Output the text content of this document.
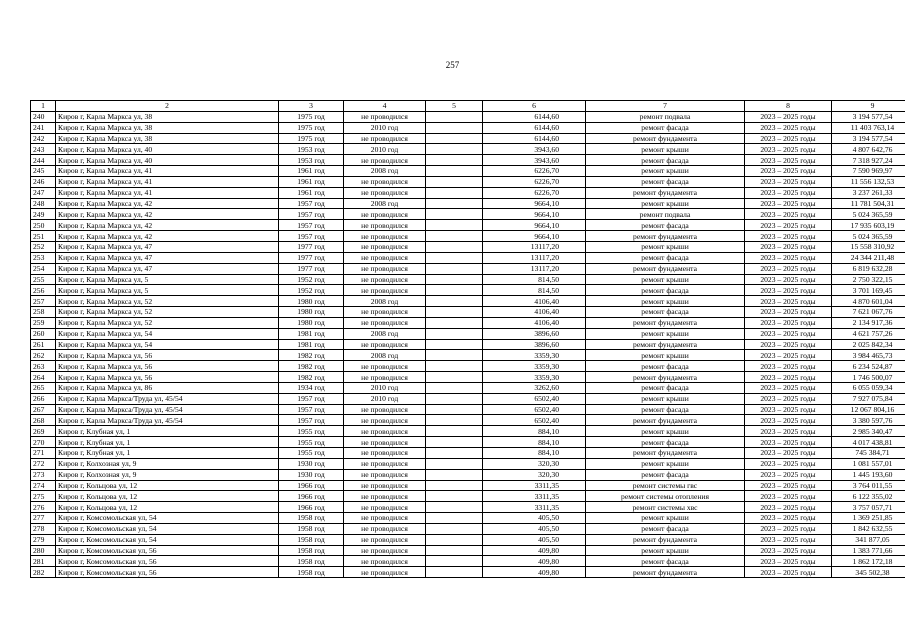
257
1	2	3	4	5	6	7	8	9
240	Киров г, Карла Маркса ул, 38	1975 год	не проводился		6144,60	ремонт подвала	2023 – 2025 годы	3 194 577,54
241	Киров г, Карла Маркса ул, 38	1975 год	2010 год		6144,60	ремонт фасада	2023 – 2025 годы	11 403 763,14
242	Киров г, Карла Маркса ул, 38	1975 год	не проводился		6144,60	ремонт фундамента	2023 – 2025 годы	3 194 577,54
243	Киров г, Карла Маркса ул, 40	1953 год	2010 год		3943,60	ремонт крыши	2023 – 2025 годы	4 807 642,76
244	Киров г, Карла Маркса ул, 40	1953 год	не проводился		3943,60	ремонт фасада	2023 – 2025 годы	7 318 927,24
245	Киров г, Карла Маркса ул, 41	1961 год	2008 год		6226,70	ремонт крыши	2023 – 2025 годы	7 590 969,97
246	Киров г, Карла Маркса ул, 41	1961 год	не проводился		6226,70	ремонт фасада	2023 – 2025 годы	11 556 132,53
247	Киров г, Карла Маркса ул, 41	1961 год	не проводился		6226,70	ремонт фундамента	2023 – 2025 годы	3 237 261,33
248	Киров г, Карла Маркса ул, 42	1957 год	2008 год		9664,10	ремонт крыши	2023 – 2025 годы	11 781 504,31
249	Киров г, Карла Маркса ул, 42	1957 год	не проводился		9664,10	ремонт подвала	2023 – 2025 годы	5 024 365,59
250	Киров г, Карла Маркса ул, 42	1957 год	не проводился		9664,10	ремонт фасада	2023 – 2025 годы	17 935 603,19
251	Киров г, Карла Маркса ул, 42	1957 год	не проводился		9664,10	ремонт фундамента	2023 – 2025 годы	5 024 365,59
252	Киров г, Карла Маркса ул, 47	1977 год	не проводился		13117,20	ремонт крыши	2023 – 2025 годы	15 558 310,92
253	Киров г, Карла Маркса ул, 47	1977 год	не проводился		13117,20	ремонт фасада	2023 – 2025 годы	24 344 211,48
254	Киров г, Карла Маркса ул, 47	1977 год	не проводился		13117,20	ремонт фундамента	2023 – 2025 годы	6 819 632,28
255	Киров г, Карла Маркса ул, 5	1952 год	не проводился		814,50	ремонт крыши	2023 – 2025 годы	2 750 322,15
256	Киров г, Карла Маркса ул, 5	1952 год	не проводился		814,50	ремонт фасада	2023 – 2025 годы	3 701 169,45
257	Киров г, Карла Маркса ул, 52	1980 год	2008 год		4106,40	ремонт крыши	2023 – 2025 годы	4 870 601,04
258	Киров г, Карла Маркса ул, 52	1980 год	не проводился		4106,40	ремонт фасада	2023 – 2025 годы	7 621 067,76
259	Киров г, Карла Маркса ул, 52	1980 год	не проводился		4106,40	ремонт фундамента	2023 – 2025 годы	2 134 917,36
260	Киров г, Карла Маркса ул, 54	1981 год	2008 год		3896,60	ремонт крыши	2023 – 2025 годы	4 621 757,26
261	Киров г, Карла Маркса ул, 54	1981 год	не проводился		3896,60	ремонт фундамента	2023 – 2025 годы	2 025 842,34
262	Киров г, Карла Маркса ул, 56	1982 год	2008 год		3359,30	ремонт крыши	2023 – 2025 годы	3 984 465,73
263	Киров г, Карла Маркса ул, 56	1982 год	не проводился		3359,30	ремонт фасада	2023 – 2025 годы	6 234 524,87
264	Киров г, Карла Маркса ул, 56	1982 год	не проводился		3359,30	ремонт фундамента	2023 – 2025 годы	1 746 500,07
265	Киров г, Карла Маркса ул, 86	1934 год	2010 год		3262,60	ремонт фасада	2023 – 2025 годы	6 055 059,34
266	Киров г, Карла Маркса/Труда ул, 45/54	1957 год	2010 год		6502,40	ремонт крыши	2023 – 2025 годы	7 927 075,84
267	Киров г, Карла Маркса/Труда ул, 45/54	1957 год	не проводился		6502,40	ремонт фасада	2023 – 2025 годы	12 067 804,16
268	Киров г, Карла Маркса/Труда ул, 45/54	1957 год	не проводился		6502,40	ремонт фундамента	2023 – 2025 годы	3 380 597,76
269	Киров г, Клубная ул, 1	1955 год	не проводился		884,10	ремонт крыши	2023 – 2025 годы	2 985 340,47
270	Киров г, Клубная ул, 1	1955 год	не проводился		884,10	ремонт фасада	2023 – 2025 годы	4 017 438,81
271	Киров г, Клубная ул, 1	1955 год	не проводился		884,10	ремонт фундамента	2023 – 2025 годы	745 384,71
272	Киров г, Колхозная ул, 9	1930 год	не проводился		320,30	ремонт крыши	2023 – 2025 годы	1 081 557,01
273	Киров г, Колхозная ул, 9	1930 год	не проводился		320,30	ремонт фасада	2023 – 2025 годы	1 445 193,60
274	Киров г, Кольцова ул, 12	1966 год	не проводился		3311,35	ремонт системы гвс	2023 – 2025 годы	3 764 011,55
275	Киров г, Кольцова ул, 12	1966 год	не проводился		3311,35	ремонт системы отопления	2023 – 2025 годы	6 122 355,02
276	Киров г, Кольцова ул, 12	1966 год	не проводился		3311,35	ремонт системы хвс	2023 – 2025 годы	3 757 057,71
277	Киров г, Комсомольская ул, 54	1958 год	не проводился		405,50	ремонт крыши	2023 – 2025 годы	1 369 251,85
278	Киров г, Комсомольская ул, 54	1958 год	не проводился		405,50	ремонт фасада	2023 – 2025 годы	1 842 632,55
279	Киров г, Комсомольская ул, 54	1958 год	не проводился		405,50	ремонт фундамента	2023 – 2025 годы	341 877,05
280	Киров г, Комсомольская ул, 56	1958 год	не проводился		409,80	ремонт крыши	2023 – 2025 годы	1 383 771,66
281	Киров г, Комсомольская ул, 56	1958 год	не проводился		409,80	ремонт фасада	2023 – 2025 годы	1 862 172,18
282	Киров г, Комсомольская ул, 56	1958 год	не проводился		409,80	ремонт фундамента	2023 – 2025 годы	345 502,38
